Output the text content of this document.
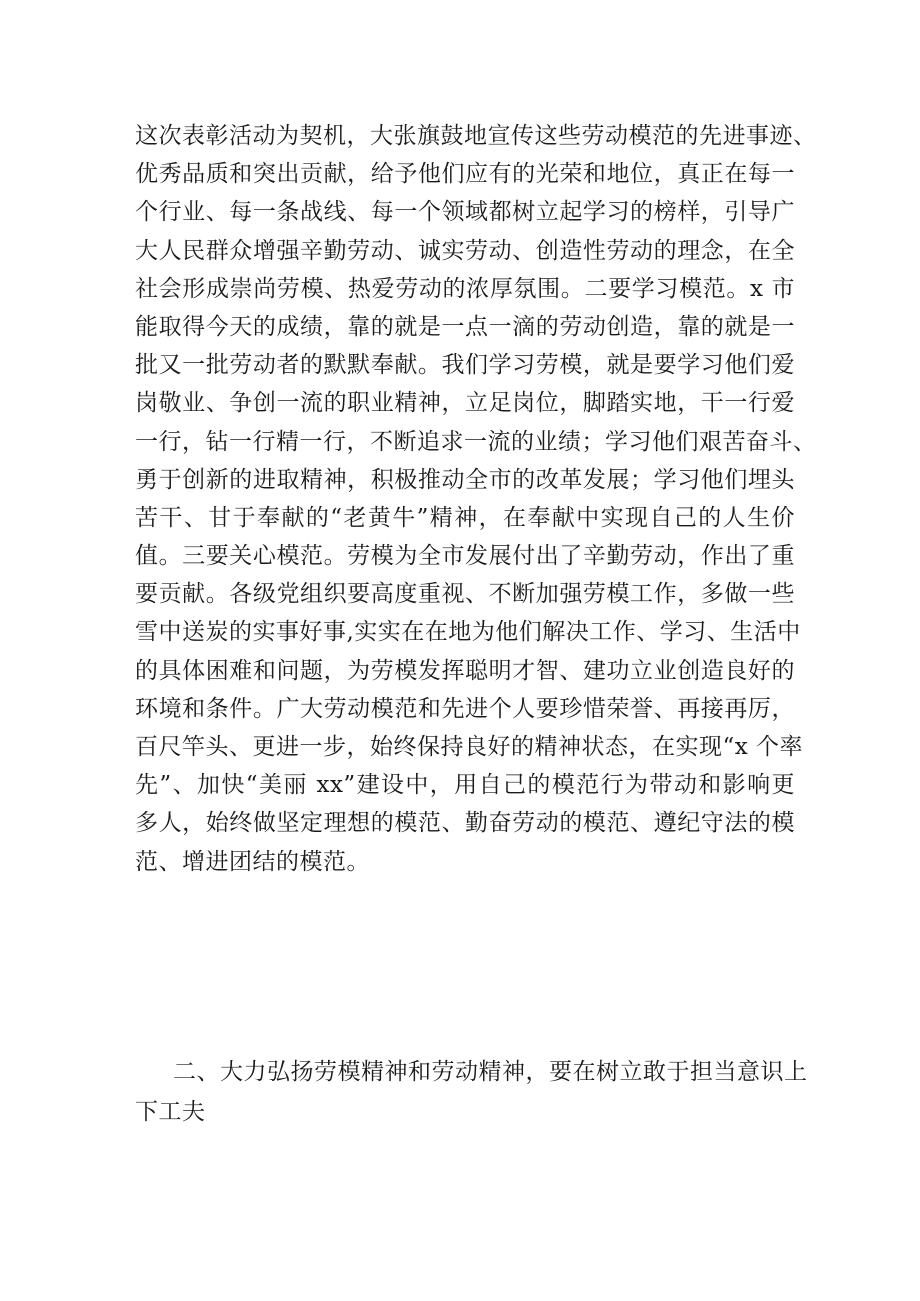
这次表彰活动为契机，大张旗鼓地宣传这些劳动模范的先进事迹、
优秀品质和突出贡献，给予他们应有的光荣和地位，真正在每一
个行业、每一条战线、每一个领域都树立起学习的榜样，引导广
大人民群众增强辛勤劳动、诚实劳动、创造性劳动的理念，在全
社会形成崇尚劳模、热爱劳动的浓厚氛围。二要学习模范。x 市
能取得今天的成绩，靠的就是一点一滴的劳动创造，靠的就是一
批又一批劳动者的默默奉献。我们学习劳模，就是要学习他们爱
岗敬业、争创一流的职业精神，立足岗位，脚踏实地，干一行爱
一行，钻一行精一行，不断追求一流的业绩；学习他们艰苦奋斗、
勇于创新的进取精神，积极推动全市的改革发展；学习他们埋头
苦干、甘于奉献的“老黄牛”精神，在奉献中实现自己的人生价
值。三要关心模范。劳模为全市发展付出了辛勤劳动，作出了重
要贡献。各级党组织要高度重视、不断加强劳模工作，多做一些
雪中送炭的实事好事,实实在在地为他们解决工作、学习、生活中
的具体困难和问题，为劳模发挥聪明才智、建功立业创造良好的
环境和条件。广大劳动模范和先进个人要珍惜荣誉、再接再厉，
百尺竿头、更进一步，始终保持良好的精神状态，在实现“x 个率
先”、加快“美丽 xx”建设中，用自己的模范行为带动和影响更
多人，始终做坚定理想的模范、勤奋劳动的模范、遵纪守法的模
范、增进团结的模范。
二、大力弘扬劳模精神和劳动精神，要在树立敢于担当意识上
下工夫
